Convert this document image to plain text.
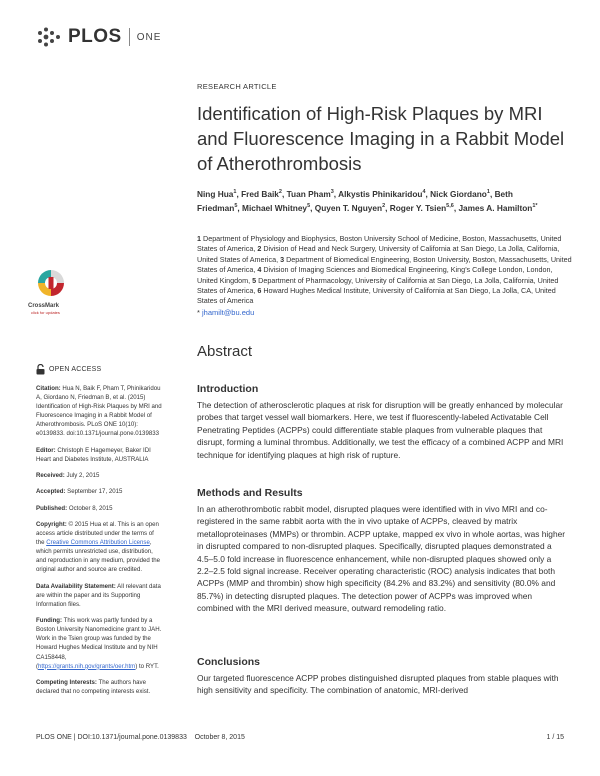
PLOS ONE
RESEARCH ARTICLE
Identification of High-Risk Plaques by MRI and Fluorescence Imaging in a Rabbit Model of Atherothrombosis
Ning Hua$^1$, Fred Baik$^2$, Tuan Pham$^3$, Alkystis Phinikaridou$^4$, Nick Giordano$^1$, Beth Friedman$^5$, Michael Whitney$^5$, Quyen T. Nguyen$^2$, Roger Y. Tsien$^{5,6}$, James A. Hamilton$^{1*}$
1 Department of Physiology and Biophysics, Boston University School of Medicine, Boston, Massachusetts, United States of America, 2 Division of Head and Neck Surgery, University of California at San Diego, La Jolla, California, United States of America, 3 Department of Biomedical Engineering, Boston University, Boston, Massachusetts, United States of America, 4 Division of Imaging Sciences and Biomedical Engineering, King’s College London, London, United Kingdom, 5 Department of Pharmacology, University of California at San Diego, La Jolla, California, United States of America, 6 Howard Hughes Medical Institute, University of California at San Diego, La Jolla, CA, United States of America
* jhamilt@bu.edu
CrossMark
click for updates
OPEN ACCESS

Citation: Hua N, Baik F, Pham T, Phinikaridou A, Giordano N, Friedman B, et al. (2015) Identification of High-Risk Plaques by MRI and Fluorescence Imaging in a Rabbit Model of Atherothrombosis. PLoS ONE 10(10): e0139833. doi:10.1371/journal.pone.0139833

Editor: Christoph E Hagemeyer, Baker IDI Heart and Diabetes Institute, AUSTRALIA

Received: July 2, 2015

Accepted: September 17, 2015

Published: October 8, 2015

Copyright: © 2015 Hua et al. This is an open access article distributed under the terms of the Creative Commons Attribution License, which permits unrestricted use, distribution, and reproduction in any medium, provided the original author and source are credited.

Data Availability Statement: All relevant data are within the paper and its Supporting Information files.

Funding: This work was partly funded by a Boston University Nanomedicine grant to JAH. Work in the Tsien group was funded by the Howard Hughes Medical Institute and by NIH CA158448, (https://grants.nih.gov/grants/oer.htm) to RYT.

Competing Interests: The authors have declared that no competing interests exist.

Abstract
Introduction
The detection of atherosclerotic plaques at risk for disruption will be greatly enhanced by molecular probes that target vessel wall biomarkers. Here, we test if fluorescently-labeled Activatable Cell Penetrating Peptides (ACPPs) could differentiate stable plaques from vulnerable plaques that disrupt, forming a luminal thrombus. Additionally, we test the efficacy of a combined ACPP and MRI technique for identifying plaques at high risk of rupture.
Methods and Results
In an atherothrombotic rabbit model, disrupted plaques were identified with in vivo MRI and co-registered in the same rabbit aorta with the in vivo uptake of ACPPs, cleaved by matrix metalloproteinases (MMPs) or thrombin. ACPP uptake, mapped ex vivo in whole aortas, was higher in disrupted compared to non-disrupted plaques. Specifically, disrupted plaques demonstrated a 4.5–5.0 fold increase in fluorescence enhancement, while non-disrupted plaques showed only a 2.2–2.5 fold signal increase. Receiver operating characteristic (ROC) analysis indicates that both ACPPs (MMP and thrombin) show high specificity (84.2% and 83.2%) and sensitivity (80.0% and 85.7%) in detecting disrupted plaques. The detection power of ACPPs was improved when combined with the MRI derived measure, outward remodeling ratio.
Conclusions
Our targeted fluorescence ACPP probes distinguished disrupted plaques from stable plaques with high sensitivity and specificity. The combination of anatomic, MRI-derived
PLOS ONE | DOI:10.1371/journal.pone.0139833 October 8, 2015	1 / 15
